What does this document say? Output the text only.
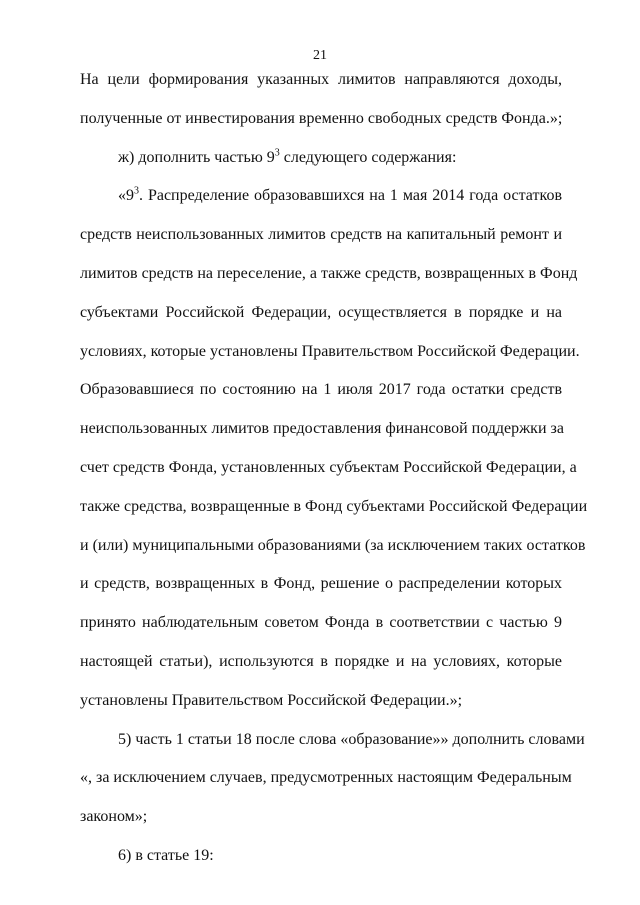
21
На цели формирования указанных лимитов направляются доходы,
полученные от инвестирования временно свободных средств Фонда.»;
ж) дополнить частью $9^3$ следующего содержания:
«$9^3$. Распределение образовавшихся на 1 мая 2014 года остатков
средств неиспользованных лимитов средств на капитальный ремонт и
лимитов средств на переселение, а также средств, возвращенных в Фонд
субъектами Российской Федерации, осуществляется в порядке и на
условиях, которые установлены Правительством Российской Федерации.
Образовавшиеся по состоянию на 1 июля 2017 года остатки средств
неиспользованных лимитов предоставления финансовой поддержки за
счет средств Фонда, установленных субъектам Российской Федерации, а
также средства, возвращенные в Фонд субъектами Российской Федерации
и (или) муниципальными образованиями (за исключением таких остатков
и средств, возвращенных в Фонд, решение о распределении которых
принято наблюдательным советом Фонда в соответствии с частью 9
настоящей статьи), используются в порядке и на условиях, которые
установлены Правительством Российской Федерации.»;
5) часть 1 статьи 18 после слова «образование»» дополнить словами
«, за исключением случаев, предусмотренных настоящим Федеральным
законом»;
6) в статье 19:
